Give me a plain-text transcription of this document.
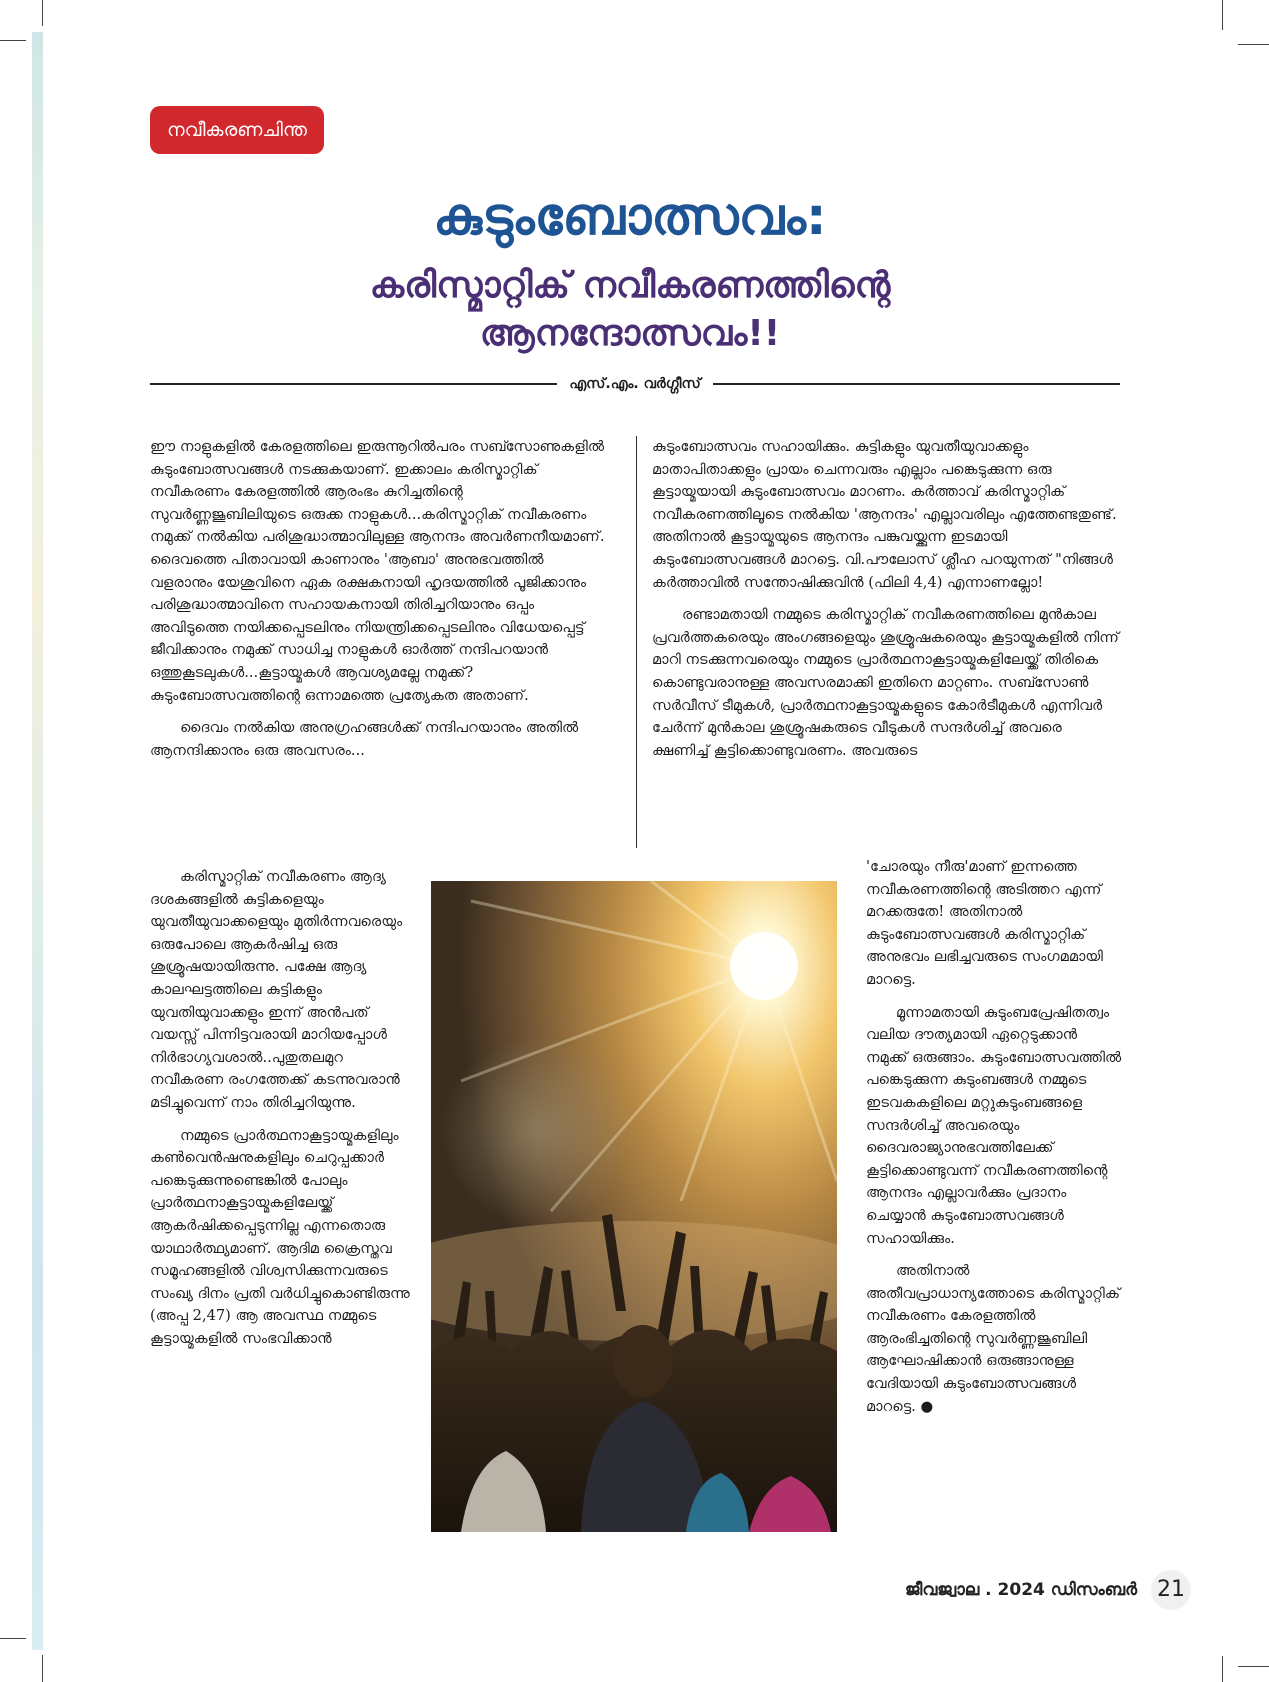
നവീകരണചിന്ത
കുടുംബോത്സവം:
കരിസ്മാറ്റിക് നവീകരണത്തിന്റെ
ആനന്ദോത്സവം!!
എസ്.എം. വർഗ്ഗീസ്

ഈ നാളുകളിൽ കേരളത്തിലെ ഇരുന്നൂറിൽപരം സബ്സോണുകളിൽ കുടുംബോത്സവങ്ങൾ നടക്കുകയാണ്. ഇക്കാലം കരിസ്മാറ്റിക് നവീകരണം കേരളത്തിൽ ആരംഭം കുറിച്ചതിന്റെ സുവർണ്ണജൂബിലിയുടെ ഒരുക്ക നാളുകൾ...കരിസ്മാറ്റിക് നവീകരണം നമുക്ക് നൽകിയ പരിശുദ്ധാത്മാവിലുള്ള ആനന്ദം അവർണനീയമാണ്. ദൈവത്തെ പിതാവായി കാണാനും 'ആബാ' അനുഭവത്തിൽ വളരാനും യേശുവിനെ ഏക രക്ഷകനായി ഹൃദയത്തിൽ പൂജിക്കാനും പരിശുദ്ധാത്മാവിനെ സഹായകനായി തിരിച്ചറിയാനും ഒപ്പം അവിടുത്തെ നയിക്കപ്പെടലിനും നിയന്ത്രിക്കപ്പെടലിനും വിധേയപ്പെട്ട് ജീവിക്കാനും നമുക്ക് സാധിച്ച നാളുകൾ ഓർത്ത് നന്ദിപറയാൻ ഒത്തുകൂടലുകൾ...കൂട്ടായ്മകൾ ആവശ്യമല്ലേ നമുക്ക്? കുടുംബോത്സവത്തിന്റെ ഒന്നാമത്തെ പ്രത്യേകത അതാണ്.

ദൈവം നൽകിയ അനുഗ്രഹങ്ങൾക്ക് നന്ദിപറയാനും അതിൽ ആനന്ദിക്കാനും ഒരു അവസരം...

കരിസ്മാറ്റിക് നവീകരണം ആദ്യ ദശകങ്ങളിൽ കുട്ടികളെയും യുവതീയുവാക്കളെയും മുതിർന്നവരെയും ഒരുപോലെ ആകർഷിച്ച ഒരു ശുശ്രൂഷയായിരുന്നു. പക്ഷേ ആദ്യ കാലഘട്ടത്തിലെ കുട്ടികളും യുവതിയുവാക്കളും ഇന്ന് അൻപത് വയസ്സ് പിന്നിട്ടവരായി മാറിയപ്പോൾ നിർഭാഗ്യവശാൽ..പുതുതലമുറ നവീകരണ രംഗത്തേക്ക് കടന്നുവരാൻ മടിച്ചുവെന്ന് നാം തിരിച്ചറിയുന്നു.

നമ്മുടെ പ്രാർത്ഥനാകൂട്ടായ്മകളിലും കൺവെൻഷനുകളിലും ചെറുപ്പക്കാർ പങ്കെടുക്കുന്നുണ്ടെങ്കിൽ പോലും പ്രാർത്ഥനാകൂട്ടായ്മകളിലേയ്ക്ക് ആകർഷിക്കപ്പെടുന്നില്ല എന്നതൊരു യാഥാർത്ഥ്യമാണ്. ആദിമ ക്രൈസ്തവ സമൂഹങ്ങളിൽ വിശ്വസിക്കുന്നവരുടെ സംഖ്യ ദിനം പ്രതി വർധിച്ചുകൊണ്ടിരുന്നു (അപ്പ 2,47) ആ അവസ്ഥ നമ്മുടെ കൂട്ടായ്മകളിൽ സംഭവിക്കാൻ

കുടുംബോത്സവം സഹായിക്കും. കുട്ടികളും യുവതീയുവാക്കളും മാതാപിതാക്കളും പ്രായം ചെന്നവരും എല്ലാം പങ്കെടുക്കുന്ന ഒരു കൂട്ടായ്മയായി കുടുംബോത്സവം മാറണം. കർത്താവ് കരിസ്മാറ്റിക് നവീകരണത്തിലൂടെ നൽകിയ 'ആനന്ദം' എല്ലാവരിലും എത്തേണ്ടതുണ്ട്. അതിനാൽ കൂട്ടായ്മയുടെ ആനന്ദം പങ്കുവയ്ക്കുന്ന ഇടമായി കുടുംബോത്സവങ്ങൾ മാറട്ടെ. വി.പൗലോസ് ശ്ലീഹ പറയുന്നത് "നിങ്ങൾ കർത്താവിൽ സന്തോഷിക്കുവിൻ (ഫിലി 4,4) എന്നാണല്ലോ!

രണ്ടാമതായി നമ്മുടെ കരിസ്മാറ്റിക് നവീകരണത്തിലെ മുൻകാല പ്രവർത്തകരെയും അംഗങ്ങളെയും ശുശ്രൂഷകരെയും കൂട്ടായ്മകളിൽ നിന്ന് മാറി നടക്കുന്നവരെയും നമ്മുടെ പ്രാർത്ഥനാകൂട്ടായ്മകളിലേയ്ക്ക് തിരികെ കൊണ്ടുവരാനുള്ള അവസരമാക്കി ഇതിനെ മാറ്റണം. സബ്സോൺ സർവീസ് ടീമുകൾ, പ്രാർത്ഥനാകൂട്ടായ്മകളുടെ കോർടീമുകൾ എന്നിവർ ചേർന്ന് മുൻകാല ശുശ്രൂഷകരുടെ വീടുകൾ സന്ദർശിച്ച് അവരെ ക്ഷണിച്ച് കൂട്ടിക്കൊണ്ടുവരണം. അവരുടെ

'ചോരയും നീരു'മാണ് ഇന്നത്തെ നവീകരണത്തിന്റെ അടിത്തറ എന്ന് മറക്കരുതേ! അതിനാൽ കുടുംബോത്സവങ്ങൾ കരിസ്മാറ്റിക് അനുഭവം ലഭിച്ചവരുടെ സംഗമമായി മാറട്ടെ.

മൂന്നാമതായി കുടുംബപ്രേഷിതത്വം വലിയ ദൗത്യമായി ഏറ്റെടുക്കാൻ നമുക്ക് ഒരുങ്ങാം. കുടുംബോത്സവത്തിൽ പങ്കെടുക്കുന്ന കുടുംബങ്ങൾ നമ്മുടെ ഇടവകകളിലെ മറ്റുകുടുംബങ്ങളെ സന്ദർശിച്ച് അവരെയും ദൈവരാജ്യാനുഭവത്തിലേക്ക് കൂട്ടിക്കൊണ്ടുവന്ന് നവീകരണത്തിന്റെ ആനന്ദം എല്ലാവർക്കും പ്രദാനം ചെയ്യാൻ കുടുംബോത്സവങ്ങൾ സഹായിക്കും.

അതിനാൽ അതീവപ്രാധാന്യത്തോടെ കരിസ്മാറ്റിക് നവീകരണം കേരളത്തിൽ ആരംഭിച്ചതിന്റെ സുവർണ്ണജൂബിലി ആഘോഷിക്കാൻ ഒരുങ്ങാനുള്ള വേദിയായി കുടുംബോത്സവങ്ങൾ മാറട്ടെ. ●

ജീവജ്വാല . 2024 ഡിസംബർ 21
